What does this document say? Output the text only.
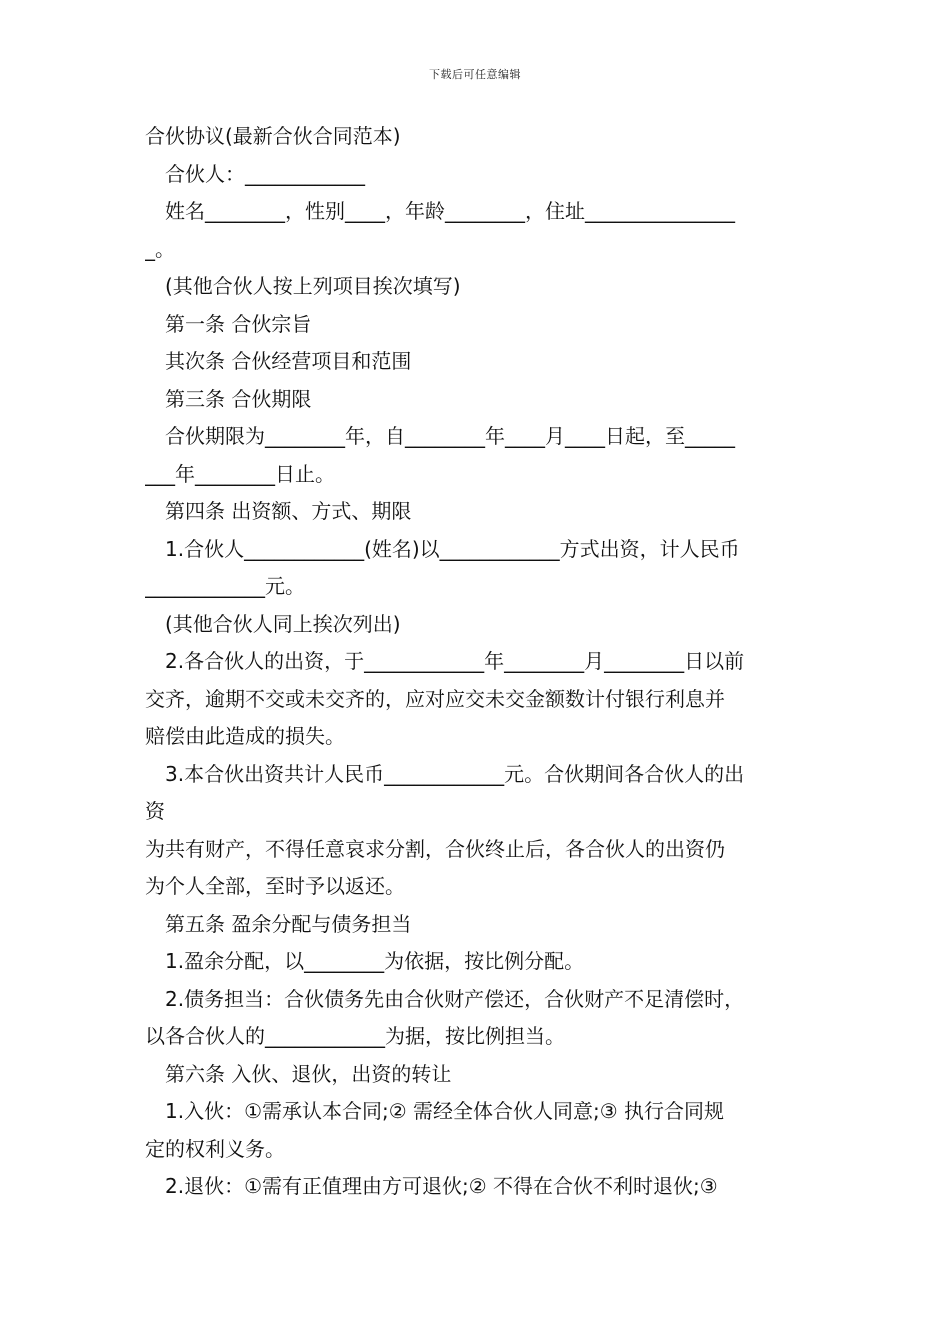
下载后可任意编辑
合伙协议(最新合伙合同范本)
合伙人：____________
姓名________，性别____，年龄________，住址_______________
_。
(其他合伙人按上列项目挨次填写)
第一条 合伙宗旨
其次条 合伙经营项目和范围
第三条 合伙期限
合伙期限为________年，自________年____月____日起，至_____
___年________日止。
第四条 出资额、方式、期限
1.合伙人____________(姓名)以____________方式出资，计人民币
____________元。
(其他合伙人同上挨次列出)
2.各合伙人的出资，于____________年________月________日以前
交齐，逾期不交或未交齐的，应对应交未交金额数计付银行利息并
赔偿由此造成的损失。
3.本合伙出资共计人民币____________元。合伙期间各合伙人的出
资
为共有财产，不得任意哀求分割，合伙终止后，各合伙人的出资仍
为个人全部，至时予以返还。
第五条 盈余分配与债务担当
1.盈余分配，以________为依据，按比例分配。
2.债务担当：合伙债务先由合伙财产偿还，合伙财产不足清偿时，
以各合伙人的____________为据，按比例担当。
第六条 入伙、退伙，出资的转让
1.入伙：①需承认本合同;② 需经全体合伙人同意;③ 执行合同规
定的权利义务。
2.退伙：①需有正值理由方可退伙;② 不得在合伙不利时退伙;③
